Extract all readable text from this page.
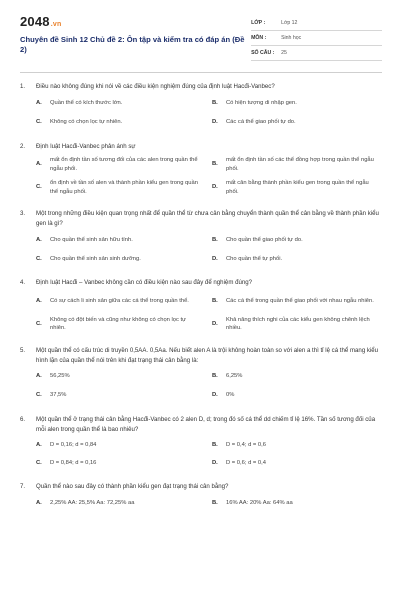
2048.vn
Chuyên đề Sinh 12 Chủ đề 2: Ôn tập và kiểm tra có đáp án (Đề 2)
LỚP :	Lớp 12
MÔN :	Sinh học
SỐ CÂU :	25
1.	Điều nào không đúng khi nói về các điều kiện nghiệm đúng của định luật Hacđi-Vanbec?
A.	Quần thể có kích thước lớn.	B.	Có hiện tượng di nhập gen.
C.	Không có chọn lọc tự nhiên.	D.	Các cá thể giao phối tự do.
2.	Định luật Hacđi-Vanbec phản ánh sự
A.
mất ổn định tần số tương đối của các alen trong quần thể ngẫu phối.
B.
mất ổn định tần số các thể đồng hợp trong quần thể ngẫu phối.
C.
ổn định về tần số alen và thành phần kiểu gen trong quần thể ngẫu phối.
D.
mất cân bằng thành phần kiểu gen trong quần thể ngẫu phối.
3.	Một trong những điều kiện quan trọng nhất để quần thể từ chưa cân bằng chuyển thành quần thể cân bằng về thành phần kiểu gen là gì?
A.	Cho quần thể sinh sản hữu tính.	B.	Cho quần thể giao phối tự do.
C.	Cho quần thể sinh sản sinh dưỡng.	D.	Cho quần thể tự phối.
4.	Định luật Hacđi – Vanbec không cần có điều kiện nào sau đây để nghiệm đúng?
A.	Có sự cách li sinh sản giữa các cá thể trong quần thể.	B.	Các cá thể trong quần thể giao phối với nhau ngẫu nhiên.
C.
Không có đột biến và cũng như không có chọn lọc tự nhiên.
D.
Khả năng thích nghi của các kiểu gen không chênh lệch nhiều.
5.	Một quần thể có cấu trúc di truyền 0,5AA. 0,5Aa. Nếu biết alen A là trội không hoàn toàn so với alen a thì tỉ lệ cá thể mang kiểu hình lặn của quần thể nói trên khi đạt trạng thái cân bằng là:
A.	56,25%	B.	6,25%
C.	37,5%	D.	0%
6.	Một quần thể ở trạng thái cân bằng Hacđi-Vanbec có 2 alen D, d; trong đó số cá thể dd chiếm tỉ lệ 16%. Tần số tương đối của mỗi alen trong quần thể là bao nhiêu?
A.	D = 0,16; d = 0,84	B.	D = 0,4; d = 0,6
C.	D = 0,84; d = 0,16	D.	D = 0,6; d = 0,4
7.	Quần thể nào sau đây có thành phần kiểu gen đạt trạng thái cân bằng?
A.	2,25% AA: 25,5% Aa: 72,25% aa	B.	16% AA: 20% Aa: 64% aa
